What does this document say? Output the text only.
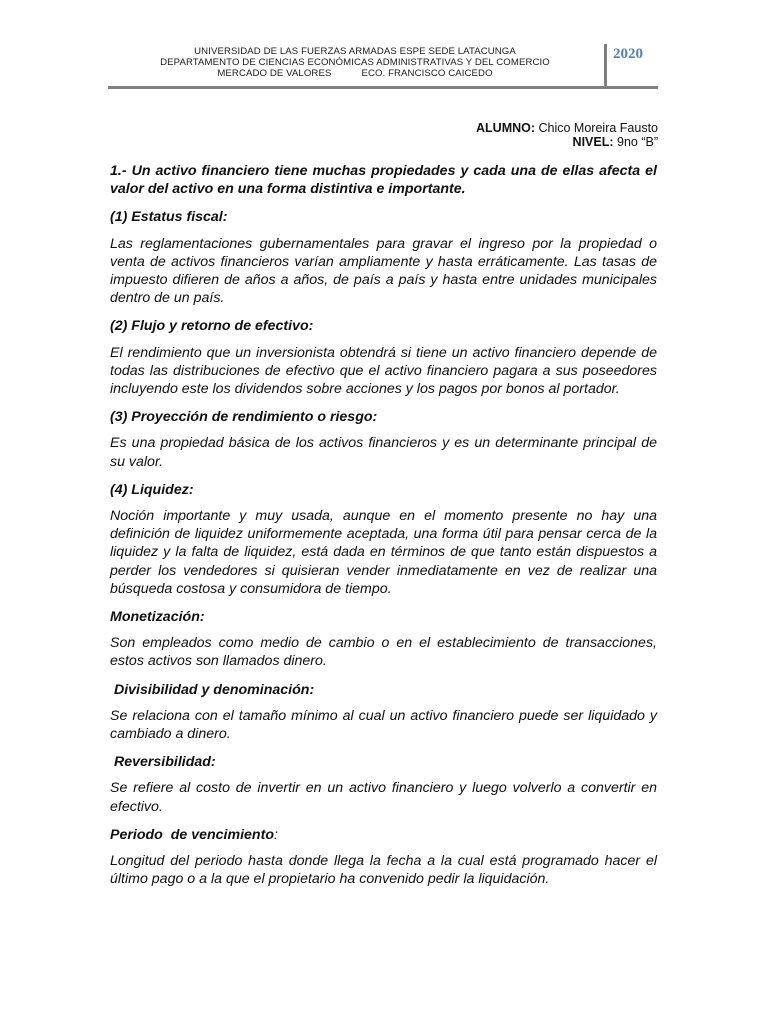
UNIVERSIDAD DE LAS FUERZAS ARMADAS ESPE SEDE LATACUNGA
DEPARTAMENTO DE CIENCIAS ECONÓMICAS ADMINISTRATIVAS Y DEL COMERCIO
MERCADO DE VALORES	ECO. FRANCISCO CAICEDO
2020
ALUMNO: Chico Moreira Fausto
NIVEL: 9no “B”

1.- Un activo financiero tiene muchas propiedades y cada una de ellas afecta el valor del activo en una forma distintiva e importante.

(1) Estatus fiscal:

Las reglamentaciones gubernamentales para gravar el ingreso por la propiedad o venta de activos financieros varían ampliamente y hasta erráticamente. Las tasas de impuesto difieren de años a años, de país a país y hasta entre unidades municipales dentro de un país.

(2) Flujo y retorno de efectivo:

El rendimiento que un inversionista obtendrá si tiene un activo financiero depende de todas las distribuciones de efectivo que el activo financiero pagara a sus poseedores incluyendo este los dividendos sobre acciones y los pagos por bonos al portador.

(3) Proyección de rendimiento o riesgo:

Es una propiedad básica de los activos financieros y es un determinante principal de su valor.

(4) Liquidez:

Noción importante y muy usada, aunque en el momento presente no hay una definición de liquidez uniformemente aceptada, una forma útil para pensar cerca de la liquidez y la falta de liquidez, está dada en términos de que tanto están dispuestos a perder los vendedores si quisieran vender inmediatamente en vez de realizar una búsqueda costosa y consumidora de tiempo.

Monetización:

Son empleados como medio de cambio o en el establecimiento de transacciones, estos activos son llamados dinero.

Divisibilidad y denominación:

Se relaciona con el tamaño mínimo al cual un activo financiero puede ser liquidado y cambiado a dinero.

Reversibilidad:

Se refiere al costo de invertir en un activo financiero y luego volverlo a convertir en efectivo.

Periodo  de vencimiento:

Longitud del periodo hasta donde llega la fecha a la cual está programado hacer el último pago o a la que el propietario ha convenido pedir la liquidación.
